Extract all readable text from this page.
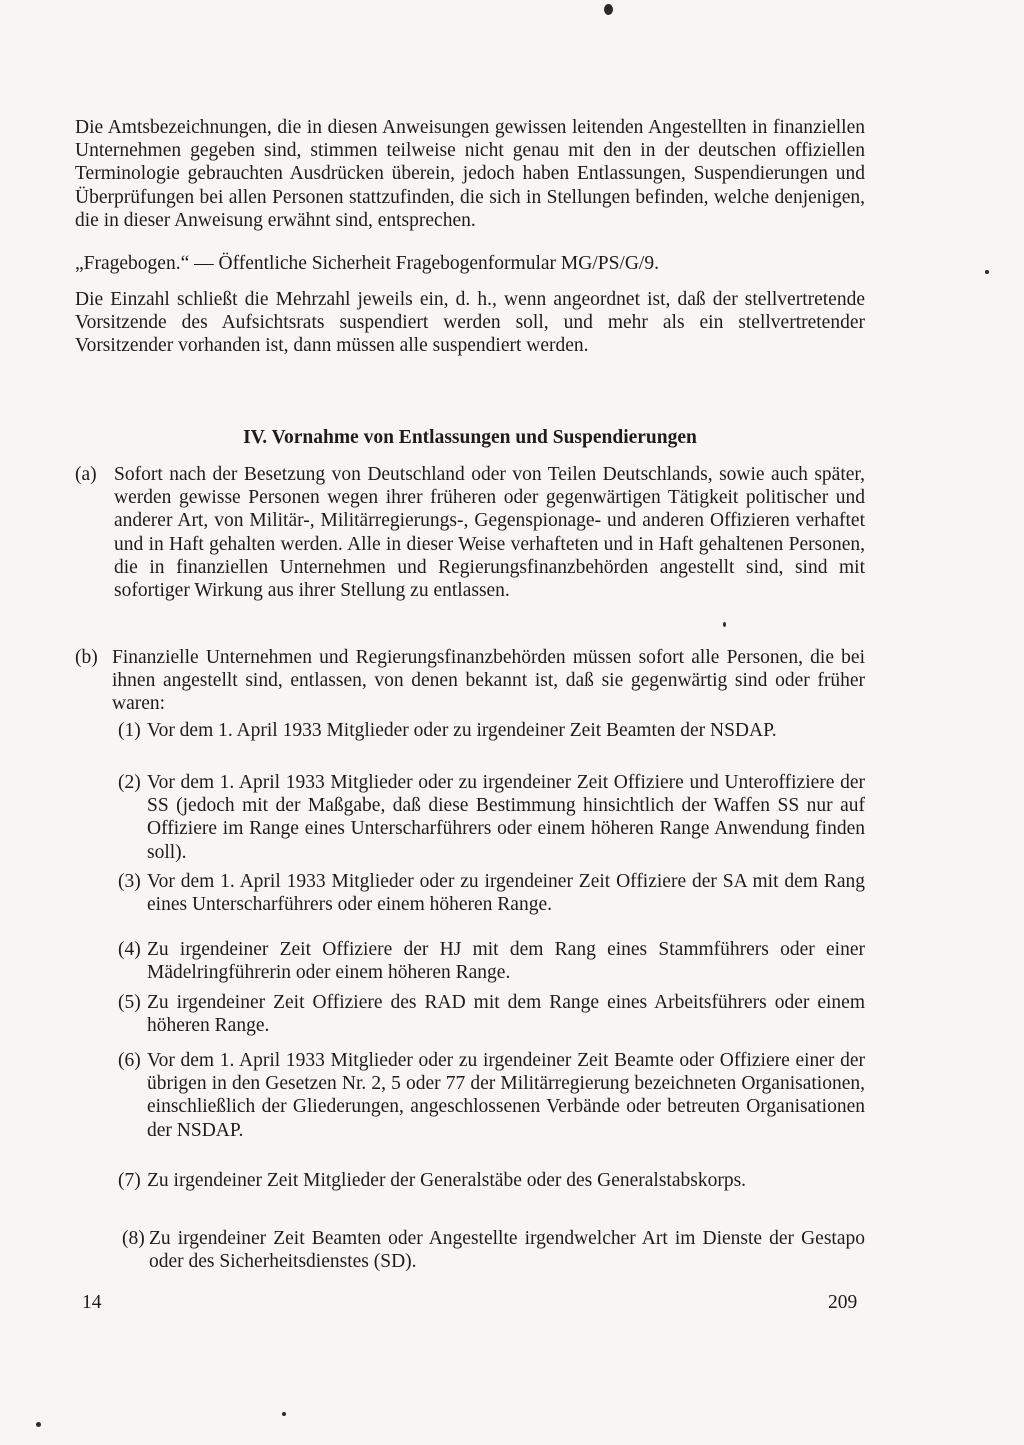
Die Amtsbezeichnungen, die in diesen Anweisungen gewissen leitenden Angestellten in finanziellen Unternehmen gegeben sind, stimmen teilweise nicht genau mit den in der deutschen offiziellen Terminologie gebrauchten Ausdrücken überein, jedoch haben Entlassungen, Suspendierungen und Überprüfungen bei allen Personen stattzufinden, die sich in Stellungen befinden, welche denjenigen, die in dieser Anweisung erwähnt sind, entsprechen.

„Fragebogen.“ — Öffentliche Sicherheit Fragebogenformular MG/PS/G/9.

Die Einzahl schließt die Mehrzahl jeweils ein, d. h., wenn angeordnet ist, daß der stellvertretende Vorsitzende des Aufsichtsrats suspendiert werden soll, und mehr als ein stellvertretender Vorsitzender vorhanden ist, dann müssen alle suspendiert werden.

IV. Vornahme von Entlassungen und Suspendierungen
(a) Sofort nach der Besetzung von Deutschland oder von Teilen Deutschlands, sowie auch später, werden gewisse Personen wegen ihrer früheren oder gegenwärtigen Tätigkeit politischer und anderer Art, von Militär-, Militärregierungs-, Gegenspionage- und anderen Offizieren verhaftet und in Haft gehalten werden. Alle in dieser Weise verhafteten und in Haft gehaltenen Personen, die in finanziellen Unternehmen und Regierungsfinanzbehörden angestellt sind, sind mit sofortiger Wirkung aus ihrer Stellung zu entlassen.
(b) Finanzielle Unternehmen und Regierungsfinanzbehörden müssen sofort alle Personen, die bei ihnen angestellt sind, entlassen, von denen bekannt ist, daß sie gegenwärtig sind oder früher waren:
(1) Vor dem 1. April 1933 Mitglieder oder zu irgendeiner Zeit Beamten der NSDAP.
(2) Vor dem 1. April 1933 Mitglieder oder zu irgendeiner Zeit Offiziere und Unteroffiziere der SS (jedoch mit der Maßgabe, daß diese Bestimmung hinsichtlich der Waffen SS nur auf Offiziere im Range eines Unterscharführers oder einem höheren Range Anwendung finden soll).
(3) Vor dem 1. April 1933 Mitglieder oder zu irgendeiner Zeit Offiziere der SA mit dem Rang eines Unterscharführers oder einem höheren Range.
(4) Zu irgendeiner Zeit Offiziere der HJ mit dem Rang eines Stammführers oder einer Mädelringführerin oder einem höheren Range.
(5) Zu irgendeiner Zeit Offiziere des RAD mit dem Range eines Arbeitsführers oder einem höheren Range.
(6) Vor dem 1. April 1933 Mitglieder oder zu irgendeiner Zeit Beamte oder Offiziere einer der übrigen in den Gesetzen Nr. 2, 5 oder 77 der Militärregierung bezeichneten Organisationen, einschließlich der Gliederungen, angeschlossenen Verbände oder betreuten Organisationen der NSDAP.
(7) Zu irgendeiner Zeit Mitglieder der Generalstäbe oder des Generalstabskorps.
(8) Zu irgendeiner Zeit Beamten oder Angestellte irgendwelcher Art im Dienste der Gestapo oder des Sicherheitsdienstes (SD).
14	209
